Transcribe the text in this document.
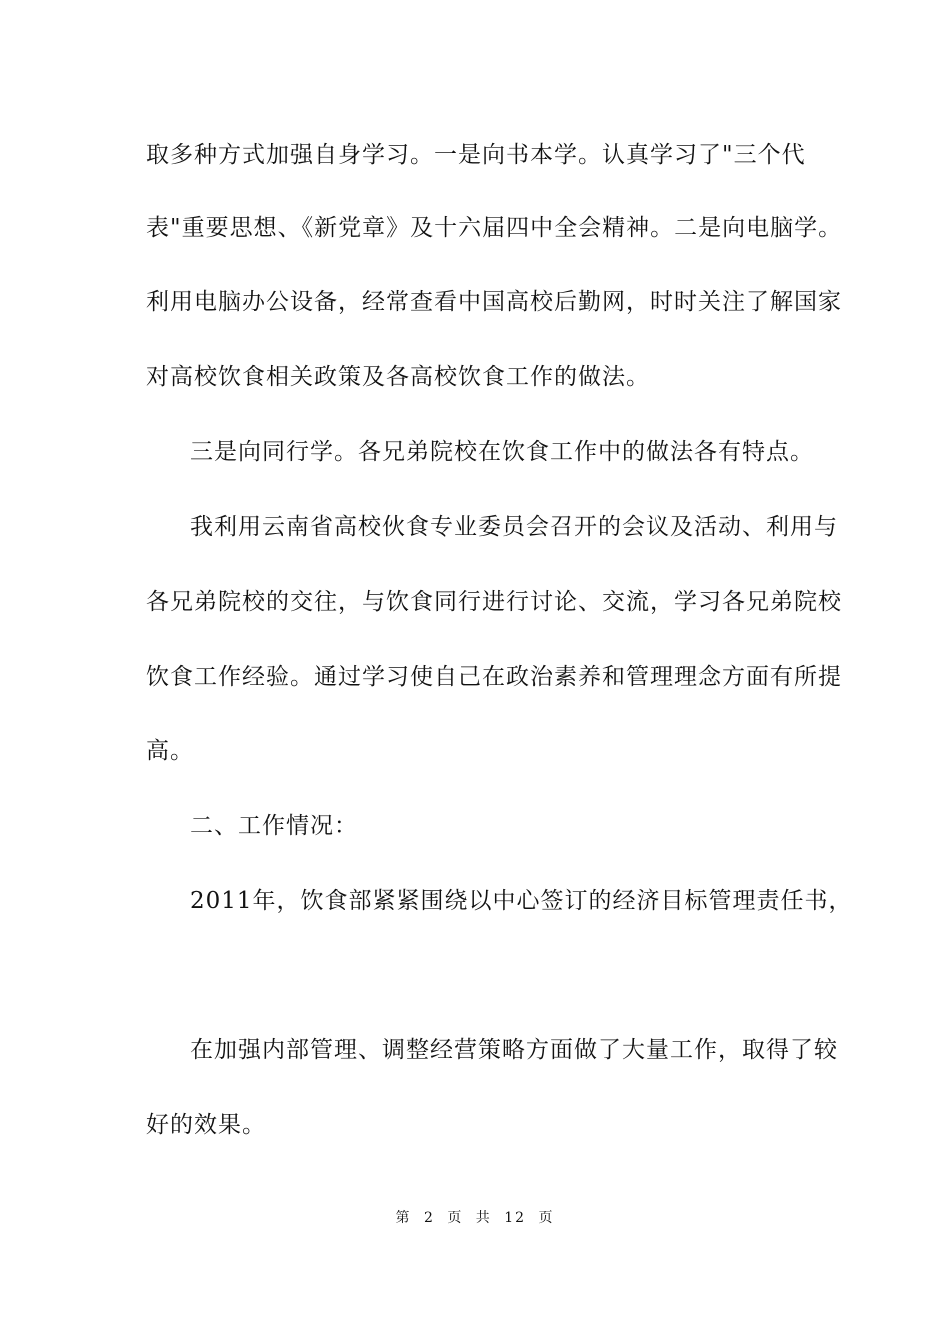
取多种方式加强自身学习。一是向书本学。认真学习了"三个代
表"重要思想、《新党章》及十六届四中全会精神。二是向电脑学。
利用电脑办公设备，经常查看中国高校后勤网，时时关注了解国家
对高校饮食相关政策及各高校饮食工作的做法。
三是向同行学。各兄弟院校在饮食工作中的做法各有特点。
我利用云南省高校伙食专业委员会召开的会议及活动、利用与
各兄弟院校的交往，与饮食同行进行讨论、交流，学习各兄弟院校
饮食工作经验。通过学习使自己在政治素养和管理理念方面有所提
高。
二、工作情况：
2011年，饮食部紧紧围绕以中心签订的经济目标管理责任书，
在加强内部管理、调整经营策略方面做了大量工作，取得了较
好的效果。
第 2 页 共 12 页
